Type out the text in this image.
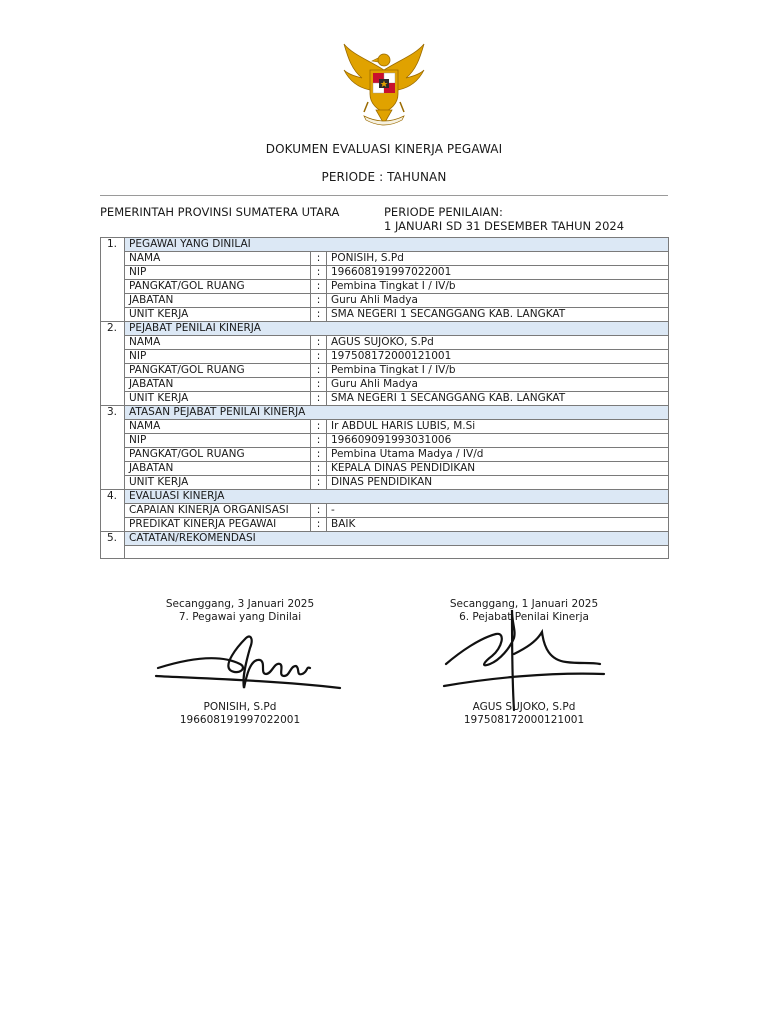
DOKUMEN EVALUASI KINERJA PEGAWAI
PERIODE : TAHUNAN
PEMERINTAH PROVINSI SUMATERA UTARA	PERIODE PENILAIAN:
1 JANUARI SD 31 DESEMBER TAHUN 2024
1.	PEGAWAI YANG DINILAI		
	NAMA	:	PONISIH, S.Pd
	NIP	:	196608191997022001
	PANGKAT/GOL RUANG	:	Pembina Tingkat I / IV/b
	JABATAN	:	Guru Ahli Madya
	UNIT KERJA	:	SMA NEGERI 1 SECANGGANG KAB. LANGKAT
2.	PEJABAT PENILAI KINERJA		
	NAMA	:	AGUS SUJOKO, S.Pd
	NIP	:	197508172000121001
	PANGKAT/GOL RUANG	:	Pembina Tingkat I / IV/b
	JABATAN	:	Guru Ahli Madya
	UNIT KERJA	:	SMA NEGERI 1 SECANGGANG KAB. LANGKAT
3.	ATASAN PEJABAT PENILAI KINERJA		
	NAMA	:	Ir ABDUL HARIS LUBIS, M.Si
	NIP	:	196609091993031006
	PANGKAT/GOL RUANG	:	Pembina Utama Madya / IV/d
	JABATAN	:	KEPALA DINAS PENDIDIKAN
	UNIT KERJA	:	DINAS PENDIDIKAN
4.	EVALUASI KINERJA		
	CAPAIAN KINERJA ORGANISASI	:	-
	PREDIKAT KINERJA PEGAWAI	:	BAIK
5.	CATATAN/REKOMENDASI		

Secanggang, 3 Januari 2025
7. Pegawai yang Dinilai
PONISIH, S.Pd
196608191997022001
Secanggang, 1 Januari 2025
6. Pejabat Penilai Kinerja
AGUS SUJOKO, S.Pd
197508172000121001
